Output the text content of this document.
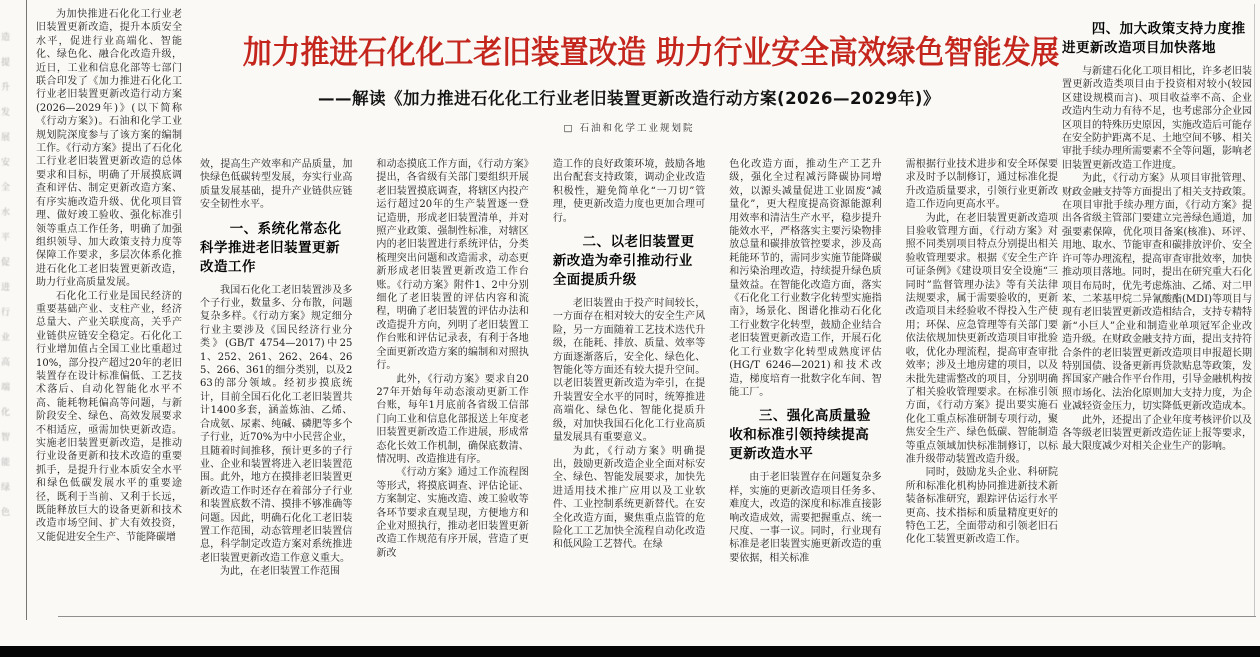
造提升发展安全水平促进行业高端化智能绿色

为加快推进石化化工行业老旧装置更新改造，提升本质安全水平，促进行业高端化、智能化、绿色化、融合化改造升级，近日，工业和信息化部等七部门联合印发了《加力推进石化化工行业老旧装置更新改造行动方案(2026—2029年)》(以下简称《行动方案》)。石油和化学工业规划院深度参与了该方案的编制工作。《行动方案》提出了石化化工行业老旧装置更新改造的总体要求和目标，明确了开展摸底调查和评估、制定更新改造方案、有序实施改造升级、优化项目管理、做好竣工验收、强化标准引领等重点工作任务，明确了加强组织领导、加大政策支持力度等保障工作要求，多层次体系化推进石化化工老旧装置更新改造，助力行业高质量发展。

石化化工行业是国民经济的重要基础产业、支柱产业，经济总量大、产业关联度高，关乎产业链供应链安全稳定。石化化工行业增加值占全国工业比重超过10%，部分投产超过20年的老旧装置存在设计标准偏低、工艺技术落后、自动化智能化水平不高、能耗物耗偏高等问题，与新阶段安全、绿色、高效发展要求不相适应，亟需加快更新改造。实施老旧装置更新改造，是推动行业设备更新和技术改造的重要抓手，是提升行业本质安全水平和绿色低碳发展水平的重要途径，既利于当前、又利于长远，既能释放巨大的设备更新和技术改造市场空间、扩大有效投资，又能促进安全生产、节能降碳增

加力推进石化化工老旧装置改造 助力行业安全高效绿色智能发展
——解读《加力推进石化化工行业老旧装置更新改造行动方案(2026—2029年)》
□ 石油和化学工业规划院

效，提高生产效率和产品质量，加快绿色低碳转型发展，夯实行业高质量发展基础，提升产业链供应链安全韧性水平。

一、系统化常态化科学推进老旧装置更新改造工作

我国石化化工老旧装置涉及多个子行业，数量多、分布散，问题复杂多样。《行动方案》规定细分行业主要涉及《国民经济行业分类》(GB/T 4754—2017)中251、252、261、262、264、265、266、361的细分类别，以及263的部分领域。经初步摸底统计，目前全国石化化工老旧装置共计1400多套，涵盖炼油、乙烯、合成氨、尿素、纯碱、磷肥等多个子行业，近70%为中小民营企业，且随着时间推移，预计更多的子行业、企业和装置将进入老旧装置范围。此外，地方在摸排老旧装置更新改造工作时还存在着部分子行业和装置底数不清、摸排不够准确等问题。因此，明确石化化工老旧装置工作范围，动态管理老旧装置信息，科学制定改造方案对系统推进老旧装置更新改造工作意义重大。

为此，在老旧装置工作范围

和动态摸底工作方面，《行动方案》提出，各省级有关部门要组织开展老旧装置摸底调查，将辖区内投产运行超过20年的生产装置逐一登记造册，形成老旧装置清单，并对照产业政策、强制性标准，对辖区内的老旧装置进行系统评估，分类梳理突出问题和改造需求，动态更新形成老旧装置更新改造工作台账。《行动方案》附件1、2中分别细化了老旧装置的评估内容和流程，明确了老旧装置的评估办法和改造提升方向，列明了老旧装置工作台账和评估记录表，有利于各地全面更新改造方案的编制和对照执行。

此外，《行动方案》要求自2027年开始每年动态滚动更新工作台账，每年1月底前各省级工信部门向工业和信息化部报送上年度老旧装置更新改造工作进展，形成常态化长效工作机制，确保底数清、情况明、改造推进有序。

《行动方案》通过工作流程图等形式，将摸底调查、评估论证、方案制定、实施改造、竣工验收等各环节要求直观呈现，方便地方和企业对照执行，推动老旧装置更新改造工作规范有序开展，营造了更新改

造工作的良好政策环境，鼓励各地出台配套支持政策，调动企业改造积极性，避免简单化“一刀切”管理，使更新改造力度也更加合理可行。

二、以老旧装置更新改造为牵引推动行业全面提质升级

老旧装置由于投产时间较长，一方面存在相对较大的安全生产风险，另一方面随着工艺技术迭代升级，在能耗、排放、质量、效率等方面逐渐落后，安全化、绿色化、智能化等方面还有较大提升空间。以老旧装置更新改造为牵引，在提升装置安全水平的同时，统筹推进高端化、绿色化、智能化提质升级，对加快我国石化化工行业高质量发展具有重要意义。

为此，《行动方案》明确提出，鼓励更新改造企业全面对标安全、绿色、智能发展要求，加快先进适用技术推广应用以及工业软件、工业控制系统更新替代。在安全化改造方面，聚焦重点监管的危险化工工艺加快全流程自动化改造和低风险工艺替代。在绿

色化改造方面，推动生产工艺升级，强化全过程减污降碳协同增效，以源头减量促进工业固废“减量化”，更大程度提高资源能源利用效率和清洁生产水平，稳步提升能效水平，严格落实主要污染物排放总量和碳排放管控要求，涉及高耗能环节的，需同步实施节能降碳和污染治理改造，持续提升绿色质量效益。在智能化改造方面，落实《石化化工行业数字化转型实施指南》，场景化、图谱化推动石化化工行业数字化转型，鼓励企业结合老旧装置更新改造工作，开展石化化工行业数字化转型成熟度评估(HG/T 6246—2021)和技术改造，梯度培育一批数字化车间、智能工厂。

三、强化高质量验收和标准引领持续提高更新改造水平

由于老旧装置存在问题复杂多样，实施的更新改造项目任务多、难度大，改造的深度和标准直接影响改造成效，需要把握重点、统一尺度、一事一议。同时，行业现有标准是老旧装置实施更新改造的重要依据，相关标准

需根据行业技术进步和安全环保要求及时予以制修订，通过标准化提升改造质量要求，引领行业更新改造工作迈向更高水平。

为此，在老旧装置更新改造项目验收管理方面，《行动方案》对照不同类别项目特点分别提出相关验收管理要求。根据《安全生产许可证条例》《建设项目安全设施“三同时”监督管理办法》等有关法律法规要求，属于需要验收的，更新改造项目未经验收不得投入生产使用；环保、应急管理等有关部门要依法依规加快更新改造项目审批验收，优化办理流程，提高审查审批效率；涉及土地房建的项目，以及未批先建需整改的项目，分别明确了相关验收管理要求。在标准引领方面，《行动方案》提出要实施石化化工重点标准研制专项行动，聚焦安全生产、绿色低碳、智能制造等重点领域加快标准制修订，以标准升级带动装置改造升级。

同时，鼓励龙头企业、科研院所和标准化机构协同推进新技术新装备标准研究，跟踪评估运行水平更高、技术指标和质量精度更好的特色工艺，全面带动和引领老旧石化化工装置更新改造工作。

四、加大政策支持力度推进更新改造项目加快落地

与新建石化化工项目相比，许多老旧装置更新改造类项目由于投资相对较小(较园区建设规模而言)、项目收益率不高、企业改造内生动力有待不足，也考虑部分企业园区项目的特殊历史原因，实施改造后可能存在安全防护距离不足、土地空间不够、相关审批手续办理所需要素不全等问题，影响老旧装置更新改造工作进度。

为此，《行动方案》从项目审批管理、财政金融支持等方面提出了相关支持政策。在项目审批手续办理方面，《行动方案》提出各省级主管部门要建立完善绿色通道，加强要素保障，优化项目备案(核准)、环评、用地、取水、节能审查和碳排放评价、安全许可等办理流程，提高审查审批效率，加快推动项目落地。同时，提出在研究重大石化项目布局时，优先考虑炼油、乙烯、对二甲苯、二苯基甲烷二异氰酸酯(MDI)等项目与现有老旧装置更新改造相结合，支持专精特新“小巨人”企业和制造业单项冠军企业改造升级。在财政金融支持方面，提出支持符合条件的老旧装置更新改造项目申报超长期特别国债、设备更新再贷款贴息等政策，发挥国家产融合作平台作用，引导金融机构按照市场化、法治化原则加大支持力度，为企业减轻资金压力，切实降低更新改造成本。

此外，还提出了企业年度考核评价以及各等级老旧装置更新改造佐证上报等要求，最大限度减少对相关企业生产的影响。
